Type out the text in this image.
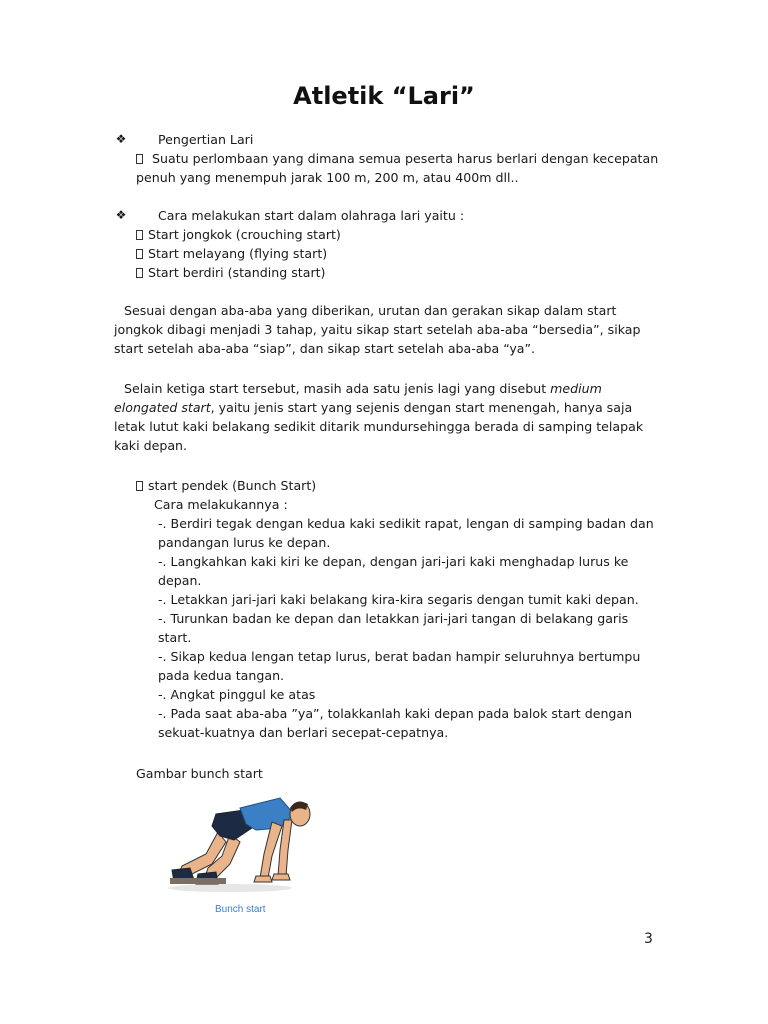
Atletik “Lari”
❖	Pengertian Lari
Suatu perlombaan yang dimana semua peserta harus berlari dengan kecepatan
penuh yang menempuh jarak 100 m, 200 m, atau 400m dll..
❖	Cara melakukan start dalam olahraga lari yaitu :
Start jongkok (crouching start)
Start melayang (flying start)
Start berdiri (standing start)
Sesuai dengan aba-aba yang diberikan, urutan dan gerakan sikap dalam start
jongkok dibagi menjadi 3 tahap, yaitu sikap start setelah aba-aba “bersedia”, sikap
start setelah aba-aba “siap”, dan sikap start setelah aba-aba “ya”.
Selain ketiga start tersebut, masih ada satu jenis lagi yang disebut medium
elongated start, yaitu jenis start yang sejenis dengan start menengah, hanya saja
letak lutut kaki belakang sedikit ditarik mundursehingga berada di samping telapak
kaki depan.
start pendek (Bunch Start)
Cara melakukannya :
-. Berdiri tegak dengan kedua kaki sedikit rapat, lengan di samping badan dan
pandangan lurus ke depan.
-. Langkahkan kaki kiri ke depan, dengan jari-jari kaki menghadap lurus ke
depan.
-. Letakkan jari-jari kaki belakang kira-kira segaris dengan tumit kaki depan.
-. Turunkan badan ke depan dan letakkan jari-jari tangan di belakang garis
start.
-. Sikap kedua lengan tetap lurus, berat badan hampir seluruhnya bertumpu
pada kedua tangan.
-. Angkat pinggul ke atas
-. Pada saat aba-aba ”ya”, tolakkanlah kaki depan pada balok start dengan
sekuat-kuatnya dan berlari secepat-cepatnya.
Gambar bunch start
Bunch start
3
